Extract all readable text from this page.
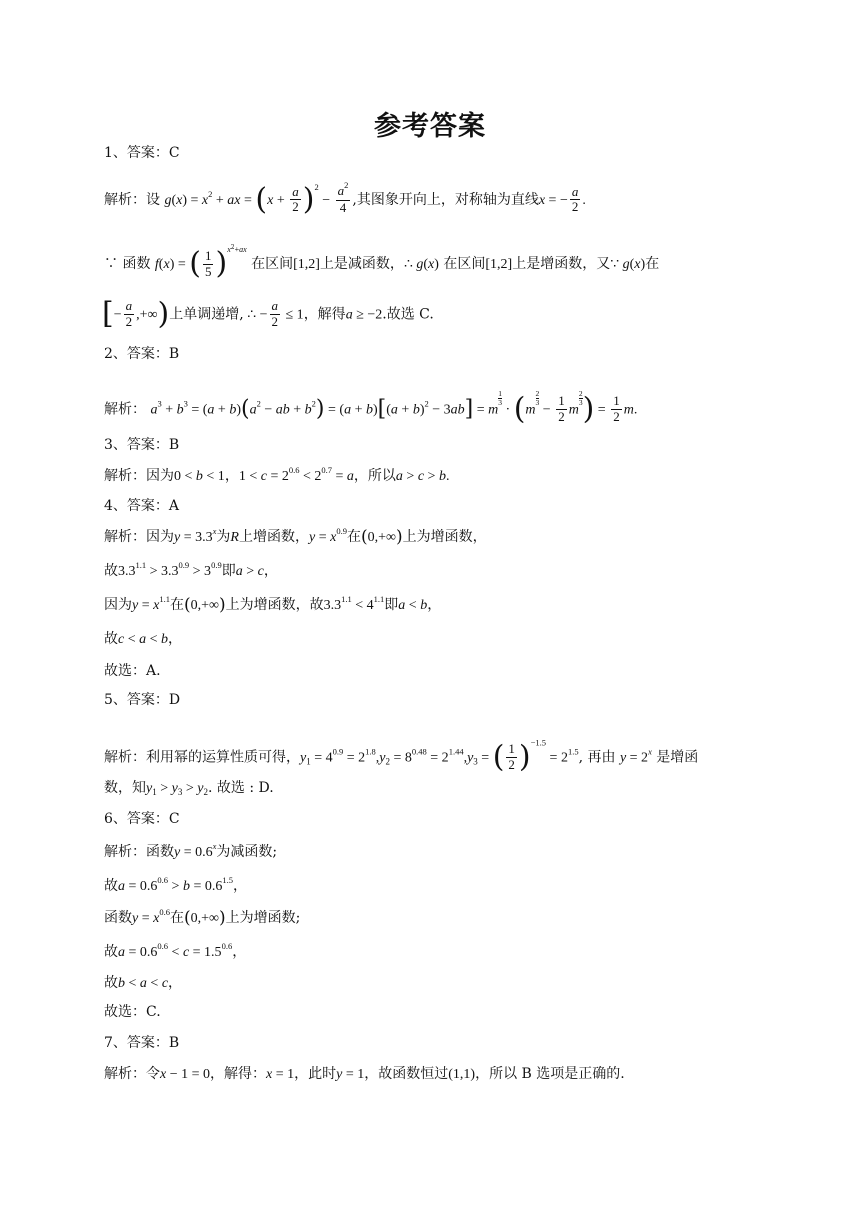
参考答案
1、答案：C
解析：设 $g(x) = x^2$ + ax = $(x + \frac{a}{2} )^2 - \frac{a^2}{4}$ ,其图象开向上，对称轴为直线x = − $\frac{a}{2}$ .
∵ 函数 f(x) = ( $\frac{1}{5} )^{x^2+ax}$ 在区间[1,2]上是减函数，∴ g(x) 在区间[1,2]上是增函数，又∵ g(x)在
[− $\frac{a}{2}$ ,+∞)上单调递增, ∴ − $\frac{a}{2} \le 1$，解得a ≥ −2.故选 C.
2、答案：B
解析： $a^3 + b^3 = (a + b)(a^2$ − ab + $b^2) = (a + b)[(a + b)^2 - 3ab] = m$
$\frac{1}{3}$
· (m
$\frac{2}{3}$
− $\frac{1}{2}$ m
$\frac{2}{3}$ ) = $\frac{1}{2} m$.
3、答案：B
解析：因为0 < b < 1，$1 < c = 2^{0.6} < 2^{0.7} = a$，所以a > c > b.
4、答案：A
解析：因为$y = 3.3^x$为R上增函数，$y = x^{0.9}$在(0,+∞)上为增函数，
故$3.3^{1.1} > 3.3^{0.9} > 3^{0.9}$即a > c，
因为$y = x^{1.1}$在(0,+∞)上为增函数，故$3.3^{1.1} < 4^{1.1}$即a < b，
故c < a < b，
故选：A.
5、答案：D
解析：利用幂的运算性质可得，$y_1 = 4^{0.9} = 2^{1.8},y_2 = 8^{0.48} = 2^{1.44},y_3$ = ( $\frac{1}{2} )^{-1.5} = 2^{1.5}$, 再由 $y = 2^x$ 是增函
数，知$y_1 > y_3 > y_2$. 故选 : D.
6、答案：C
解析：函数$y = 0.6^x$为减函数;
故$a = 0.6^{0.6} > b = 0.6^{1.5}$，
函数$y = x^{0.6}$在(0,+∞)上为增函数;
故$a = 0.6^{0.6} < c = 1.5^{0.6}$，
故b < a < c，
故选：C.
7、答案：B
解析：令x − 1 = 0，解得：x = 1，此时y = 1，故函数恒过(1,1)，所以 B 选项是正确的.
